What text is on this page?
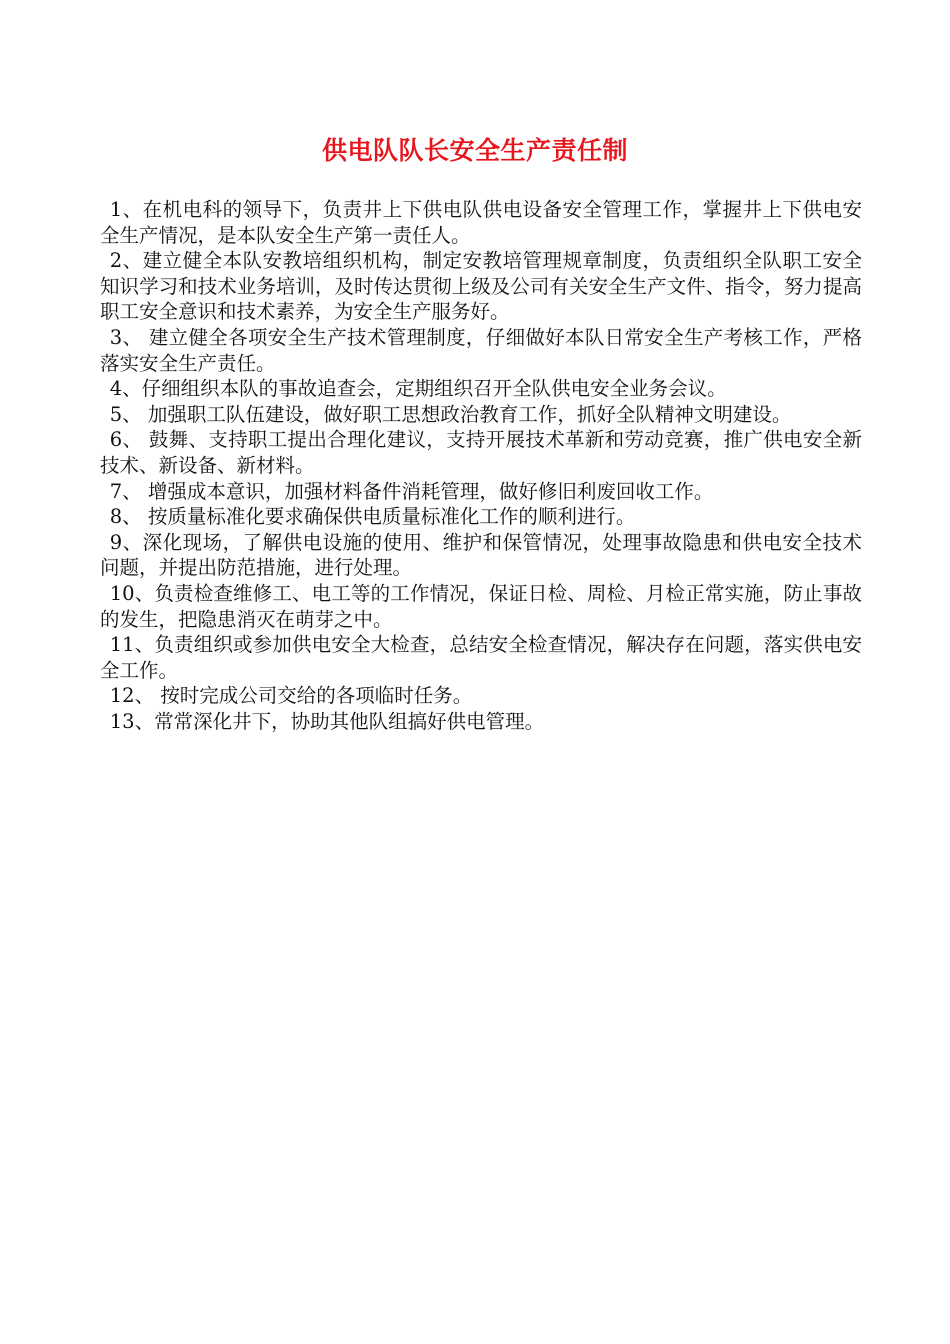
供电队队长安全生产责任制

1、在机电科的领导下，负责井上下供电队供电设备安全管理工作，掌握井上下供电安全生产情况，是本队安全生产第一责任人。

2、建立健全本队安教培组织机构，制定安教培管理规章制度，负责组织全队职工安全知识学习和技术业务培训，及时传达贯彻上级及公司有关安全生产文件、指令，努力提高职工安全意识和技术素养，为安全生产服务好。

3、 建立健全各项安全生产技术管理制度，仔细做好本队日常安全生产考核工作，严格落实安全生产责任。

4、仔细组织本队的事故追查会，定期组织召开全队供电安全业务会议。

5、 加强职工队伍建设，做好职工思想政治教育工作，抓好全队精神文明建设。

6、 鼓舞、支持职工提出合理化建议，支持开展技术革新和劳动竞赛，推广供电安全新技术、新设备、新材料。

7、 增强成本意识，加强材料备件消耗管理，做好修旧利废回收工作。

8、 按质量标准化要求确保供电质量标准化工作的顺利进行。

9、深化现场，了解供电设施的使用、维护和保管情况，处理事故隐患和供电安全技术问题，并提出防范措施，进行处理。

10、负责检查维修工、电工等的工作情况，保证日检、周检、月检正常实施，防止事故的发生，把隐患消灭在萌芽之中。

11、负责组织或参加供电安全大检查，总结安全检查情况，解决存在问题，落实供电安全工作。

12、 按时完成公司交给的各项临时任务。

13、常常深化井下，协助其他队组搞好供电管理。
